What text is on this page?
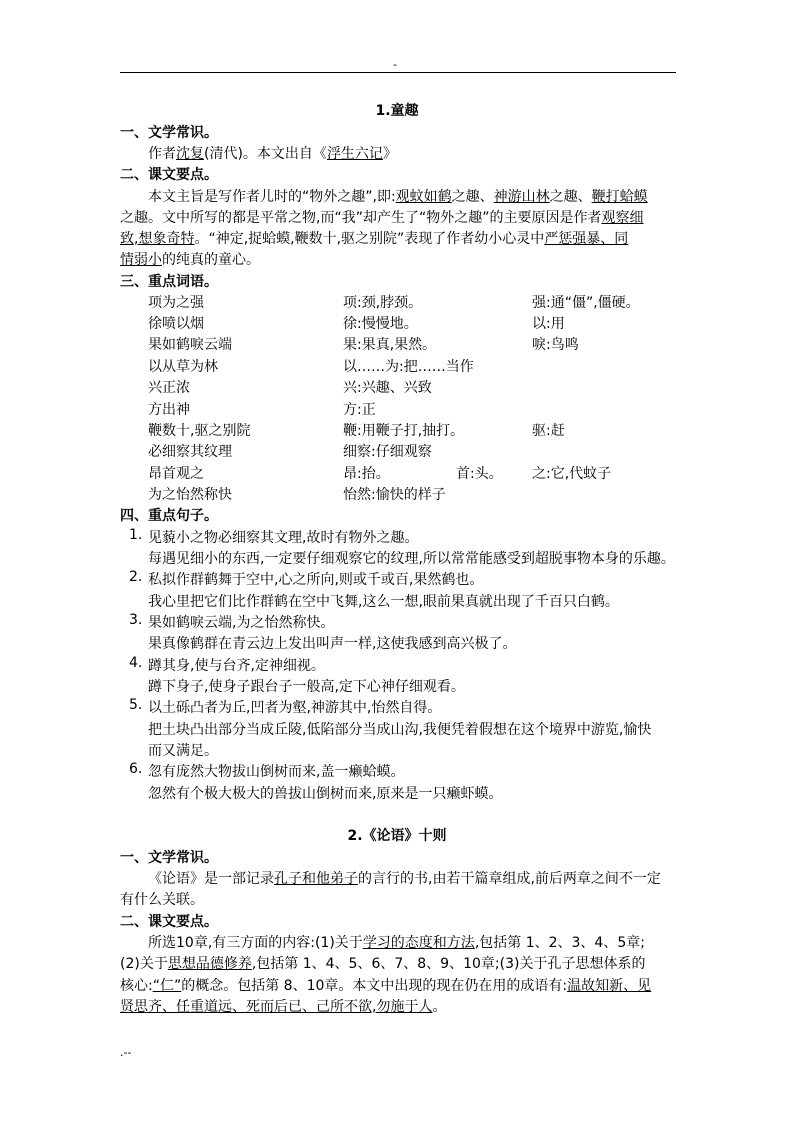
-
1.童趣
一、文学常识。
作者沈复(清代)。本文出自《浮生六记》
二、课文要点。
本文主旨是写作者儿时的“物外之趣”,即:观蚊如鹤之趣、神游山林之趣、鞭打蛤蟆
之趣。文中所写的都是平常之物,而“我”却产生了“物外之趣”的主要原因是作者观察细
致,想象奇特。“神定,捉蛤蟆,鞭数十,驱之别院”表现了作者幼小心灵中严惩强暴、同
情弱小的纯真的童心。
三、重点词语。
项为之强	项:颈,脖颈。	强:通“僵”,僵硬。
徐喷以烟	徐:慢慢地。	以:用
果如鹤唳云端	果:果真,果然。	唳:鸟鸣
以从草为林	以……为:把……当作
兴正浓	兴:兴趣、兴致
方出神	方:正
鞭数十,驱之别院	鞭:用鞭子打,抽打。	驱:赶
必细察其纹理	细察:仔细观察
昂首观之	昂:抬。	首:头。 之:它,代蚊子
为之怡然称快	怡然:愉快的样子
四、重点句子。
1. 见藐小之物必细察其文理,故时有物外之趣。
每遇见细小的东西,一定要仔细观察它的纹理,所以常常能感受到超脱事物本身的乐趣。
2. 私拟作群鹤舞于空中,心之所向,则或千或百,果然鹤也。
我心里把它们比作群鹤在空中飞舞,这么一想,眼前果真就出现了千百只白鹤。
3. 果如鹤唳云端,为之怡然称快。
果真像鹤群在青云边上发出叫声一样,这使我感到高兴极了。
4. 蹲其身,使与台齐,定神细视。
蹲下身子,使身子跟台子一般高,定下心神仔细观看。
5. 以土砾凸者为丘,凹者为壑,神游其中,怡然自得。
把土块凸出部分当成丘陵,低陷部分当成山沟,我便凭着假想在这个境界中游览,愉快
而又满足。
6. 忽有庞然大物拔山倒树而来,盖一癞蛤蟆。
忽然有个极大极大的兽拔山倒树而来,原来是一只癞虾蟆。
2.《论语》十则
一、文学常识。
《论语》是一部记录孔子和他弟子的言行的书,由若干篇章组成,前后两章之间不一定
有什么关联。
二、课文要点。
所选10章,有三方面的内容:(1)关于学习的态度和方法,包括第 1、2、3、4、5章;
(2)关于思想品德修养,包括第 1、4、5、6、7、8、9、10章;(3)关于孔子思想体系的
核心:“仁”的概念。包括第 8、10章。本文中出现的现在仍在用的成语有:温故知新、见
贤思齐、任重道远、死而后已、己所不欲,勿施于人。
.--
